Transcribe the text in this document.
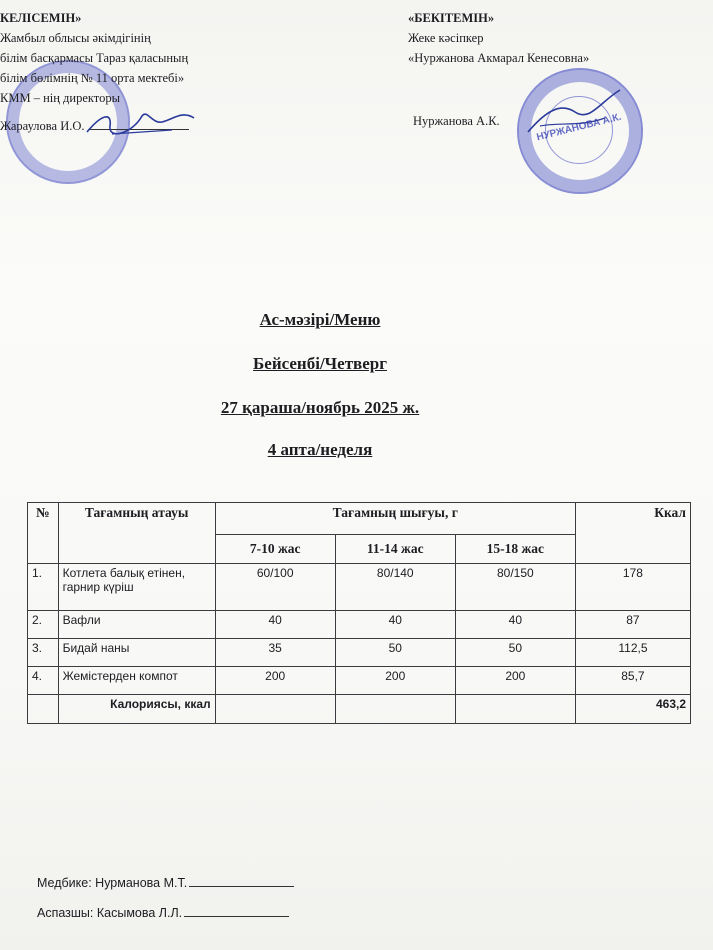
КЕЛІСЕМІН»
Жамбыл облысы әкімдігінің
білім басқармасы Тараз қаласының
білім бөлімнің № 11 орта мектебі»
КММ – нің директоры
Жараулова И.О.	НУРЖАНОВА А.К.
«БЕКІТЕМІН»
Жеке кәсіпкер
«Нуржанова Акмарал Кенесовна»
Нуржанова А.К.
Ас-мәзірі/Меню
Бейсенбі/Четверг
27 қараша/ноябрь 2025 ж.
4 апта/неделя
№	Тағамның атауы	Тағамның шығуы, г			Ккал
		7-10 жас	11-14 жас	15-18 жас	
1.	Котлета балық етінен, гарнир күріш	60/100	80/140	80/150	178
2.	Вафли	40	40	40	87
3.	Бидай наны	35	50	50	112,5
4.	Жемістерден компот	200	200	200	85,7
	Калориясы, ккал				463,2
Медбике: Нурманова М.Т.
Аспазшы: Касымова Л.Л.
